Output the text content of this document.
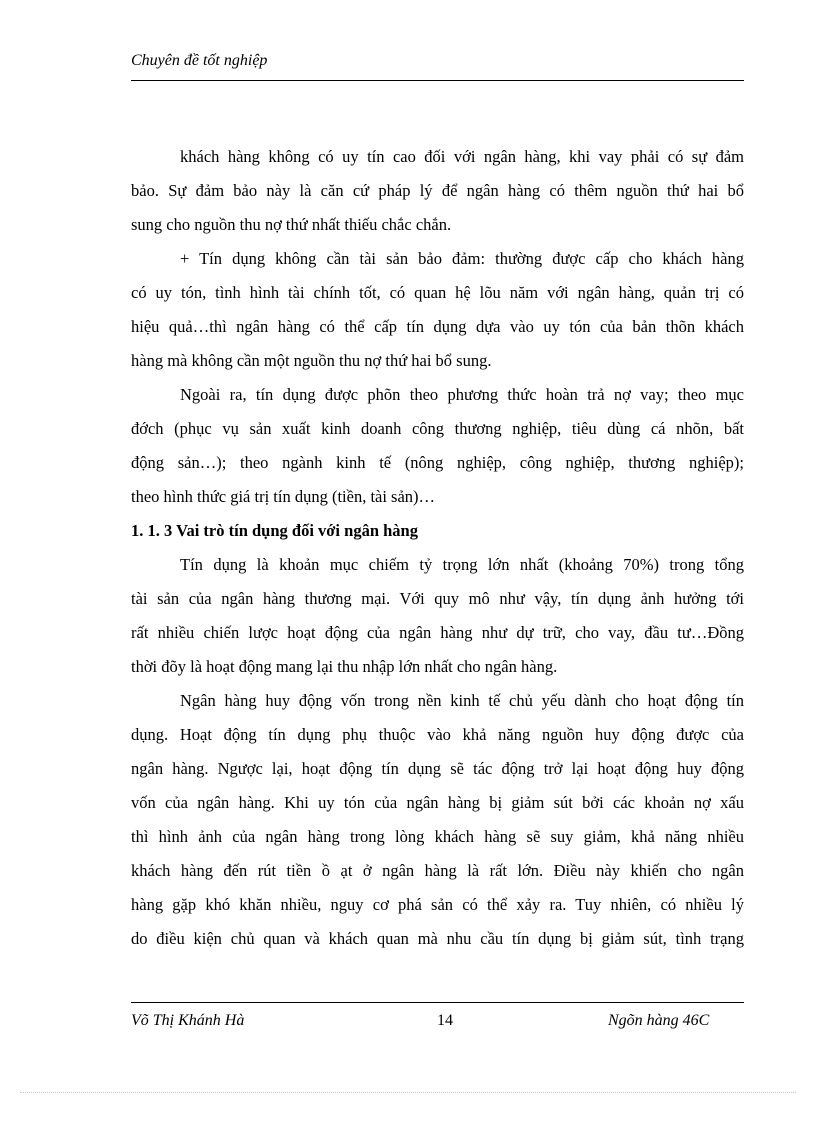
Chuyên đề tốt nghiệp
khách hàng không có uy tín cao đối với ngân hàng, khi vay phải có sự đảm
bảo. Sự đảm bảo này là căn cứ pháp lý để ngân hàng có thêm nguồn thứ hai bổ
sung cho nguồn thu nợ thứ nhất thiếu chắc chắn.
+ Tín dụng không cần tài sản bảo đảm: thường được cấp cho khách hàng
có uy tón, tình hình tài chính tốt, có quan hệ lõu năm với ngân hàng, quản trị có
hiệu quả…thì ngân hàng có thể cấp tín dụng dựa vào uy tón của bản thõn khách
hàng mà không cần một nguồn thu nợ thứ hai bổ sung.
Ngoài ra, tín dụng được phõn theo phương thức hoàn trả nợ vay; theo mục
đớch (phục vụ sản xuất kinh doanh công thương nghiệp, tiêu dùng cá nhõn, bất
động sản…); theo ngành kinh tế (nông nghiệp, công nghiệp, thương nghiệp);
theo hình thức giá trị tín dụng (tiền, tài sản)…
1. 1. 3 Vai trò tín dụng đối với ngân hàng
Tín dụng là khoản mục chiếm tỷ trọng lớn nhất (khoảng 70%) trong tổng
tài sản của ngân hàng thương mại. Với quy mô như vậy, tín dụng ảnh hưởng tới
rất nhiều chiến lược hoạt động của ngân hàng như dự trữ, cho vay, đầu tư…Đồng
thời đõy là hoạt động mang lại thu nhập lớn nhất cho ngân hàng.
Ngân hàng huy động vốn trong nền kinh tế chủ yếu dành cho hoạt động tín
dụng. Hoạt động tín dụng phụ thuộc vào khả năng nguồn huy động được của
ngân hàng. Ngược lại, hoạt động tín dụng sẽ tác động trở lại hoạt động huy động
vốn của ngân hàng. Khi uy tón của ngân hàng bị giảm sút bởi các khoản nợ xấu
thì hình ảnh của ngân hàng trong lòng khách hàng sẽ suy giảm, khả năng nhiều
khách hàng đến rút tiền ồ ạt ở ngân hàng là rất lớn. Điều này khiến cho ngân
hàng gặp khó khăn nhiều, nguy cơ phá sản có thể xảy ra. Tuy nhiên, có nhiều lý
do điều kiện chủ quan và khách quan mà nhu cầu tín dụng bị giảm sút, tình trạng
Võ Thị Khánh Hà	14	Ngõn hàng 46C
